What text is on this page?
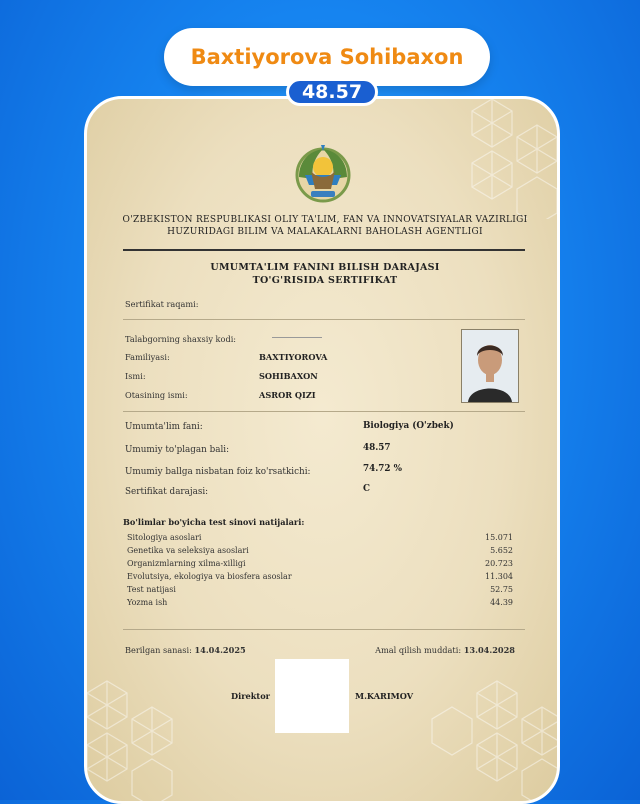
Baxtiyorova Sohibaxon
48.57
O'ZBEKISTON RESPUBLIKASI OLIY TA'LIM, FAN VA INNOVATSIYALAR VAZIRLIGI
HUZURIDAGI BILIM VA MALAKALARNI BAHOLASH AGENTLIGI
UMUMTA'LIM FANINI BILISH DARAJASI
TO'G'RISIDA SERTIFIKAT
Sertifikat raqami:
Talabgorning shaxsiy kodi:
Familiyasi:	BAXTIYOROVA
Ismi:	SOHIBAXON
Otasining ismi:	ASROR QIZI
Umumta'lim fani:	Biologiya (O'zbek)
Umumiy to'plagan bali:	48.57
Umumiy ballga nisbatan foiz ko'rsatkichi:	74.72 %
Sertifikat darajasi:	C
Bo'limlar bo'yicha test sinovi natijalari:
Sitologiya asoslari	15.071
Genetika va seleksiya asoslari	5.652
Organizmlarning xilma-xilligi	20.723
Evolutsiya, ekologiya va biosfera asoslar	11.304
Test natijasi	52.75
Yozma ish	44.39
Berilgan sanasi: 14.04.2025	Amal qilish muddati: 13.04.2028
Direktor	M.KARIMOV
